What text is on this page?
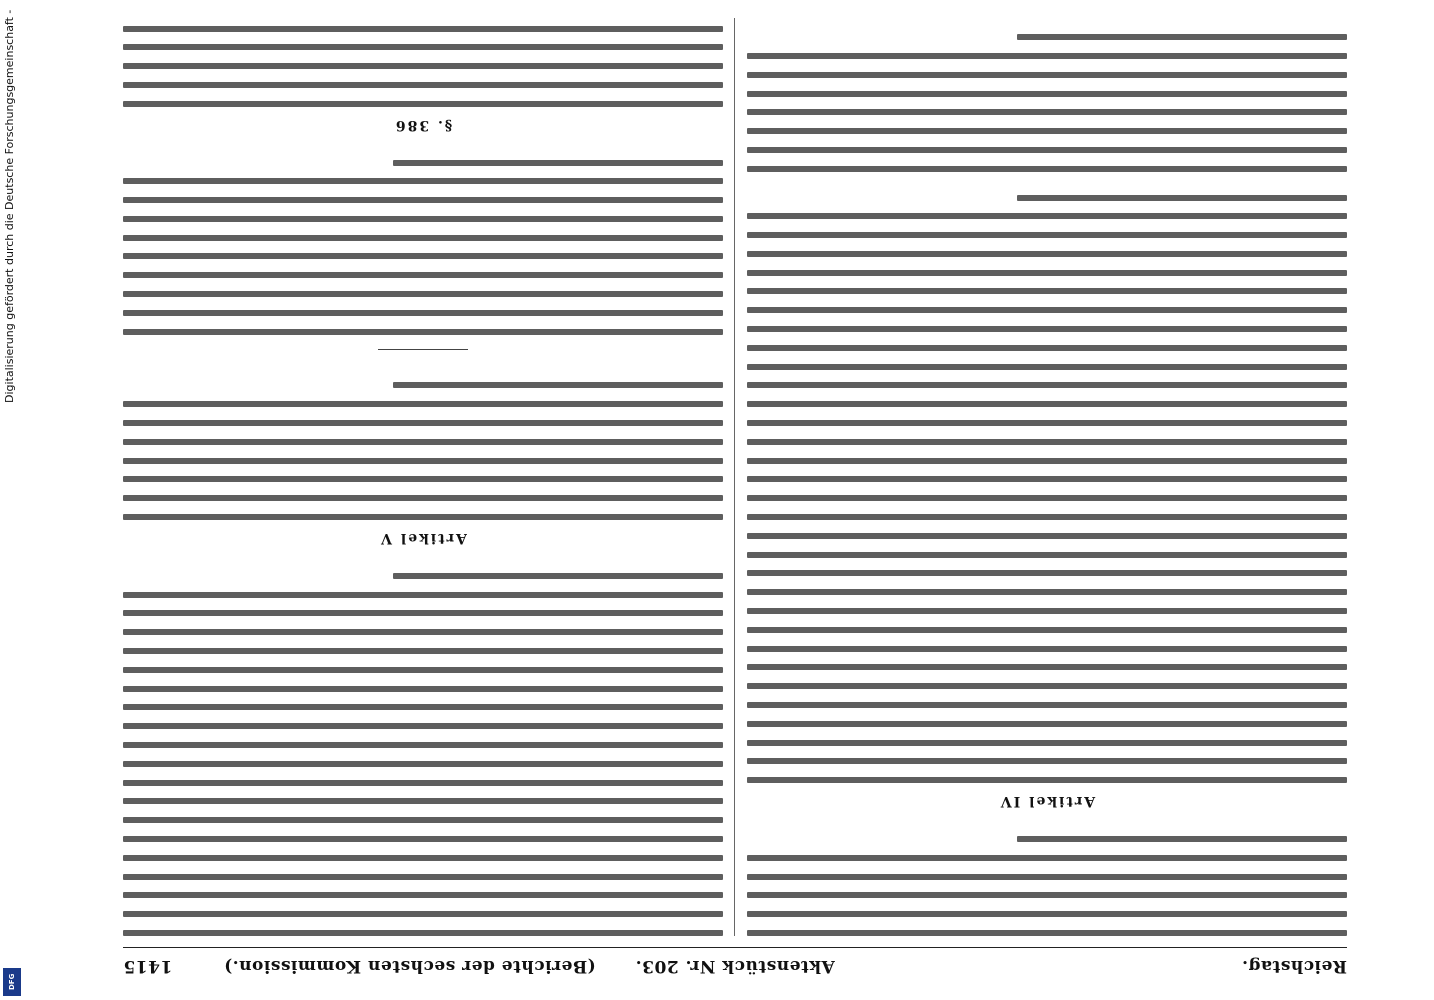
Digitalisierung gefördert durch die Deutsche Forschungsgemeinschaft -
DFG
Reichstag.
Aktenstück Nr. 203.
(Berichte der sechsten Kommission.)        1415
Artikel IV
Artikel V
§. 386
